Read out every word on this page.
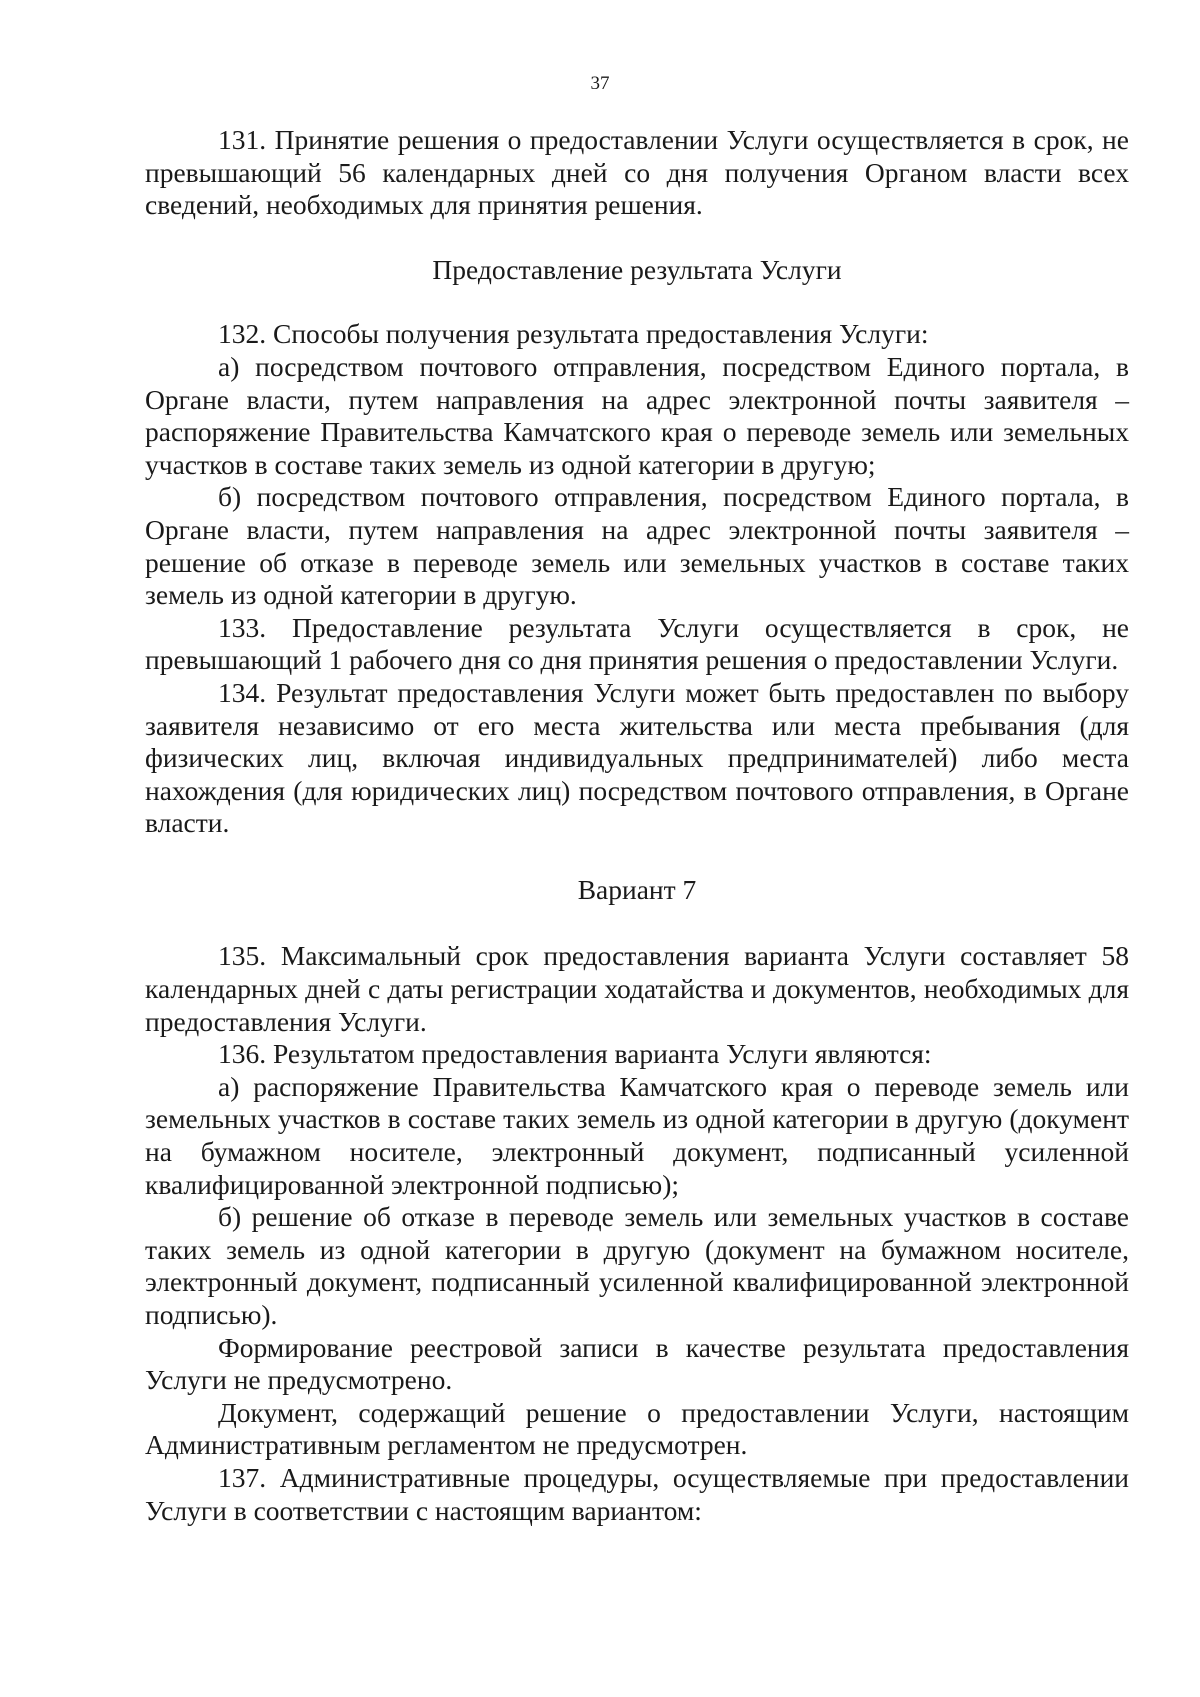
37

131. Принятие решения о предоставлении Услуги осуществляется в срок, не превышающий 56 календарных дней со дня получения Органом власти всех сведений, необходимых для принятия решения.

Предоставление результата Услуги

132. Способы получения результата предоставления Услуги:

а) посредством почтового отправления, посредством Единого портала, в Органе власти, путем направления на адрес электронной почты заявителя – распоряжение Правительства Камчатского края о переводе земель или земельных участков в составе таких земель из одной категории в другую;

б) посредством почтового отправления, посредством Единого портала, в Органе власти, путем направления на адрес электронной почты заявителя – решение об отказе в переводе земель или земельных участков в составе таких земель из одной категории в другую.

133. Предоставление результата Услуги осуществляется в срок, не превышающий 1 рабочего дня со дня принятия решения о предоставлении Услуги.

134. Результат предоставления Услуги может быть предоставлен по выбору заявителя независимо от его места жительства или места пребывания (для физических лиц, включая индивидуальных предпринимателей) либо места нахождения (для юридических лиц) посредством почтового отправления, в Органе власти.

Вариант 7

135. Максимальный срок предоставления варианта Услуги составляет 58 календарных дней с даты регистрации ходатайства и документов, необходимых для предоставления Услуги.

136. Результатом предоставления варианта Услуги являются:

а) распоряжение Правительства Камчатского края о переводе земель или земельных участков в составе таких земель из одной категории в другую (документ на бумажном носителе, электронный документ, подписанный усиленной квалифицированной электронной подписью);

б) решение об отказе в переводе земель или земельных участков в составе таких земель из одной категории в другую (документ на бумажном носителе, электронный документ, подписанный усиленной квалифицированной электронной подписью).

Формирование реестровой записи в качестве результата предоставления Услуги не предусмотрено.

Документ, содержащий решение о предоставлении Услуги, настоящим Административным регламентом не предусмотрен.

137. Административные процедуры, осуществляемые при предоставлении Услуги в соответствии с настоящим вариантом:
